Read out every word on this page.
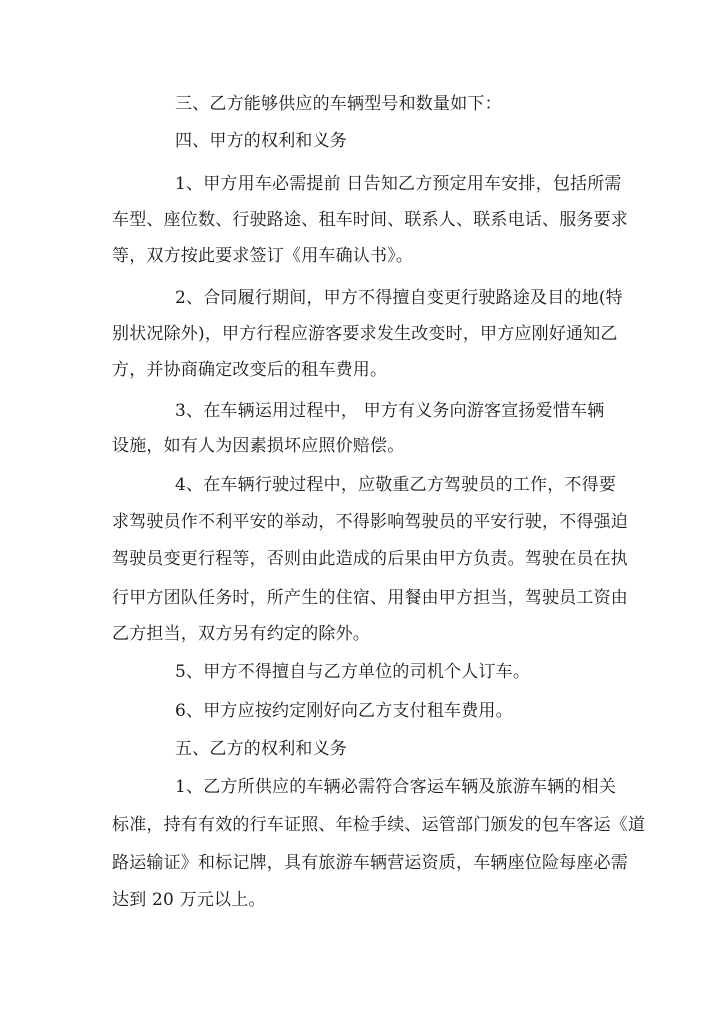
三、乙方能够供应的车辆型号和数量如下：
四、甲方的权利和义务
1、甲方用车必需提前 日告知乙方预定用车安排，包括所需
车型、座位数、行驶路途、租车时间、联系人、联系电话、服务要求
等，双方按此要求签订《用车确认书》。
2、合同履行期间，甲方不得擅自变更行驶路途及目的地(特
别状况除外)，甲方行程应游客要求发生改变时，甲方应刚好通知乙
方，并协商确定改变后的租车费用。
3、在车辆运用过程中， 甲方有义务向游客宣扬爱惜车辆
设施，如有人为因素损坏应照价赔偿。
4、在车辆行驶过程中，应敬重乙方驾驶员的工作，不得要
求驾驶员作不利平安的举动，不得影响驾驶员的平安行驶，不得强迫
驾驶员变更行程等，否则由此造成的后果由甲方负责。驾驶在员在执
行甲方团队任务时，所产生的住宿、用餐由甲方担当，驾驶员工资由
乙方担当，双方另有约定的除外。
5、甲方不得擅自与乙方单位的司机个人订车。
6、甲方应按约定刚好向乙方支付租车费用。
五、乙方的权利和义务
1、乙方所供应的车辆必需符合客运车辆及旅游车辆的相关
标准，持有有效的行车证照、年检手续、运管部门颁发的包车客运《道
路运输证》和标记牌，具有旅游车辆营运资质，车辆座位险每座必需
达到 20 万元以上。
